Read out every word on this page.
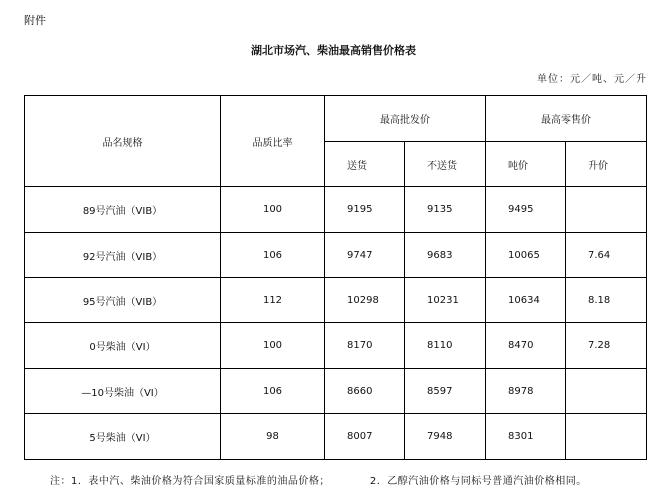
附件
湖北市场汽、柴油最高销售价格表
单位：元／吨、元／升
品名规格	品质比率	最高批发价		最高零售价	
		送货	不送货	吨价	升价
89号汽油（VIB）	100	9195	9135	9495	
92号汽油（VIB）	106	9747	9683	10065	7.64
95号汽油（VIB）	112	10298	10231	10634	8.18
0号柴油（VI）	100	8170	8110	8470	7.28
—10号柴油（VI）	106	8660	8597	8978	
5号柴油（VI）	98	8007	7948	8301	
注：1．表中汽、柴油价格为符合国家质量标准的油品价格；	2．乙醇汽油价格与同标号普通汽油价格相同。
